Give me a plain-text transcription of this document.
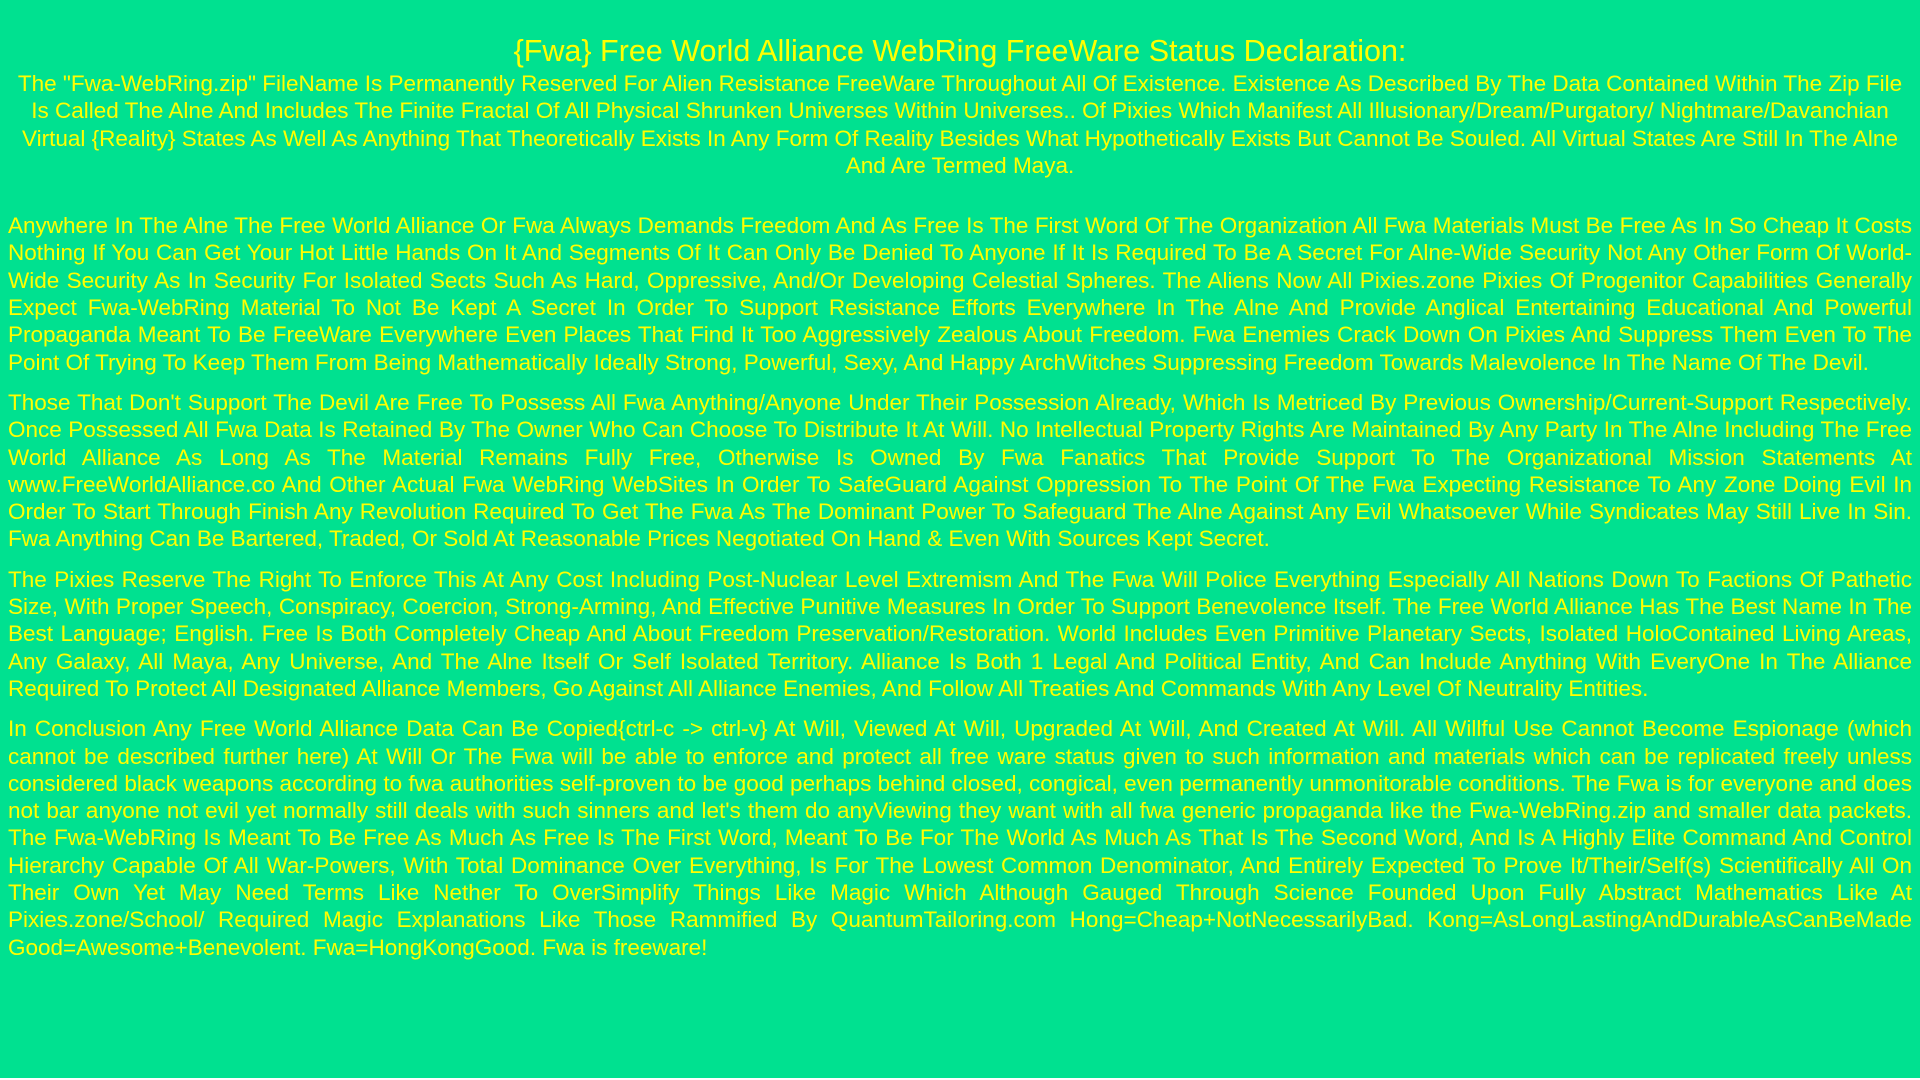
{Fwa} Free World Alliance WebRing FreeWare Status Declaration:

The "Fwa-WebRing.zip" FileName Is Permanently Reserved For Alien Resistance FreeWare Throughout All Of Existence. Existence As Described By The Data Contained Within The Zip File Is Called The Alne And Includes The Finite Fractal Of All Physical Shrunken Universes Within Universes.. Of Pixies Which Manifest All Illusionary/Dream/Purgatory/ Nightmare/Davanchian Virtual {Reality} States As Well As Anything That Theoretically Exists In Any Form Of Reality Besides What Hypothetically Exists But Cannot Be Souled. All Virtual States Are Still In The Alne And Are Termed Maya.

Anywhere In The Alne The Free World Alliance Or Fwa Always Demands Freedom And As Free Is The First Word Of The Organization All Fwa Materials Must Be Free As In So Cheap It Costs Nothing If You Can Get Your Hot Little Hands On It And Segments Of It Can Only Be Denied To Anyone If It Is Required To Be A Secret For Alne-Wide Security Not Any Other Form Of World-Wide Security As In Security For Isolated Sects Such As Hard, Oppressive, And/Or Developing Celestial Spheres. The Aliens Now All Pixies.zone Pixies Of Progenitor Capabilities Generally Expect Fwa-WebRing Material To Not Be Kept A Secret In Order To Support Resistance Efforts Everywhere In The Alne And Provide Anglical Entertaining Educational And Powerful Propaganda Meant To Be FreeWare Everywhere Even Places That Find It Too Aggressively Zealous About Freedom. Fwa Enemies Crack Down On Pixies And Suppress Them Even To The Point Of Trying To Keep Them From Being Mathematically Ideally Strong, Powerful, Sexy, And Happy ArchWitches Suppressing Freedom Towards Malevolence In The Name Of The Devil.

Those That Don't Support The Devil Are Free To Possess All Fwa Anything/Anyone Under Their Possession Already, Which Is Metriced By Previous Ownership/Current-Support Respectively. Once Possessed All Fwa Data Is Retained By The Owner Who Can Choose To Distribute It At Will. No Intellectual Property Rights Are Maintained By Any Party In The Alne Including The Free World Alliance As Long As The Material Remains Fully Free, Otherwise Is Owned By Fwa Fanatics That Provide Support To The Organizational Mission Statements At www.FreeWorldAlliance.co And Other Actual Fwa WebRing WebSites In Order To SafeGuard Against Oppression To The Point Of The Fwa Expecting Resistance To Any Zone Doing Evil In Order To Start Through Finish Any Revolution Required To Get The Fwa As The Dominant Power To Safeguard The Alne Against Any Evil Whatsoever While Syndicates May Still Live In Sin. Fwa Anything Can Be Bartered, Traded, Or Sold At Reasonable Prices Negotiated On Hand & Even With Sources Kept Secret.

The Pixies Reserve The Right To Enforce This At Any Cost Including Post-Nuclear Level Extremism And The Fwa Will Police Everything Especially All Nations Down To Factions Of Pathetic Size, With Proper Speech, Conspiracy, Coercion, Strong-Arming, And Effective Punitive Measures In Order To Support Benevolence Itself. The Free World Alliance Has The Best Name In The Best Language; English. Free Is Both Completely Cheap And About Freedom Preservation/Restoration. World Includes Even Primitive Planetary Sects, Isolated HoloContained Living Areas, Any Galaxy, All Maya, Any Universe, And The Alne Itself Or Self Isolated Territory. Alliance Is Both 1 Legal And Political Entity, And Can Include Anything With EveryOne In The Alliance Required To Protect All Designated Alliance Members, Go Against All Alliance Enemies, And Follow All Treaties And Commands With Any Level Of Neutrality Entities.

In Conclusion Any Free World Alliance Data Can Be Copied{ctrl-c -> ctrl-v} At Will, Viewed At Will, Upgraded At Will, And Created At Will. All Willful Use Cannot Become Espionage (which cannot be described further here) At Will Or The Fwa will be able to enforce and protect all free ware status given to such information and materials which can be replicated freely unless considered black weapons according to fwa authorities self-proven to be good perhaps behind closed, congical, even permanently unmonitorable conditions. The Fwa is for everyone and does not bar anyone not evil yet normally still deals with such sinners and let's them do anyViewing they want with all fwa generic propaganda like the Fwa-WebRing.zip and smaller data packets. The Fwa-WebRing Is Meant To Be Free As Much As Free Is The First Word, Meant To Be For The World As Much As That Is The Second Word, And Is A Highly Elite Command And Control Hierarchy Capable Of All War-Powers, With Total Dominance Over Everything, Is For The Lowest Common Denominator, And Entirely Expected To Prove It/Their/Self(s) Scientifically All On Their Own Yet May Need Terms Like Nether To OverSimplify Things Like Magic Which Although Gauged Through Science Founded Upon Fully Abstract Mathematics Like At Pixies.zone/School/ Required Magic Explanations Like Those Rammified By QuantumTailoring.com Hong=Cheap+NotNecessarilyBad. Kong=AsLongLastingAndDurableAsCanBeMade Good=Awesome+Benevolent. Fwa=HongKongGood. Fwa is freeware!
